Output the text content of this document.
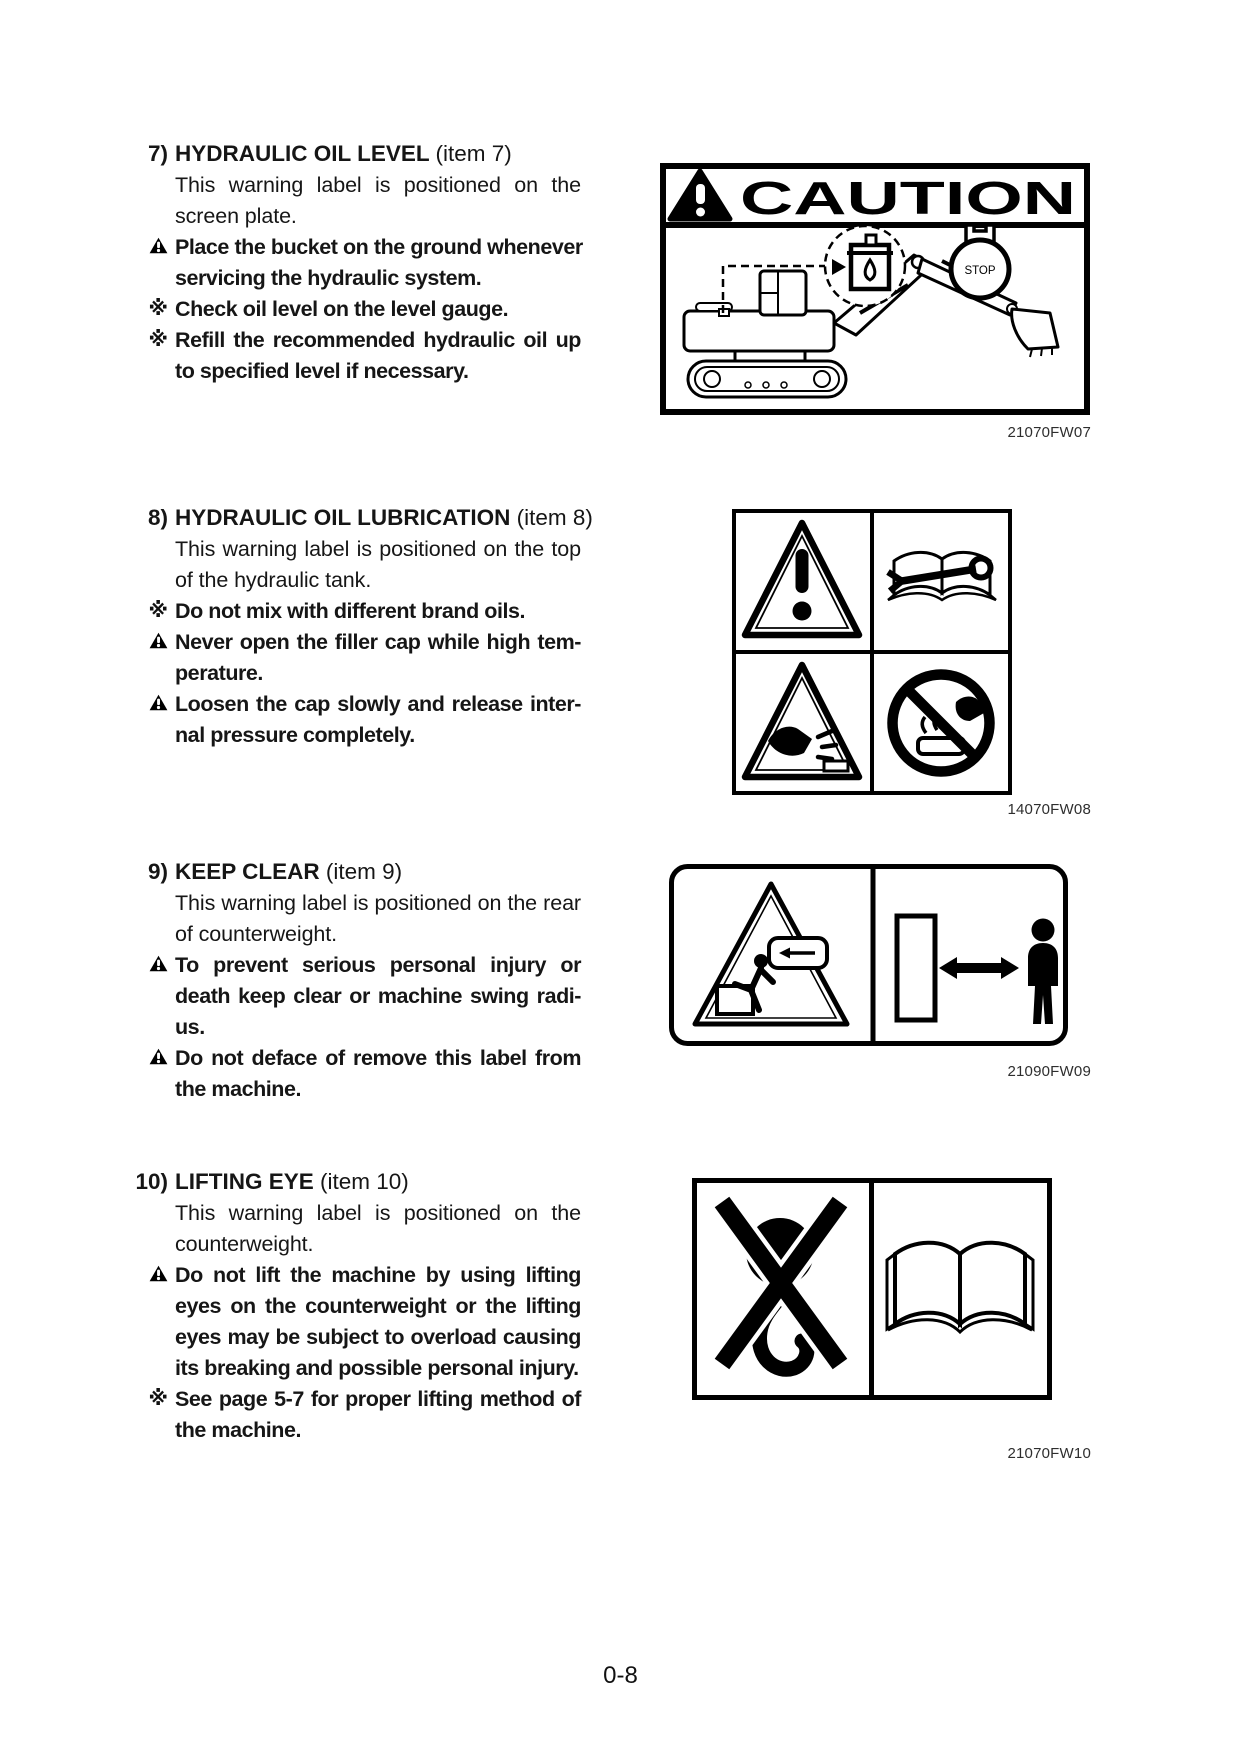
7) HYDRAULIC OIL LEVEL (item 7)
This warning label is positioned on the
screen plate.
Place the bucket on the ground whenever
servicing the hydraulic system.
※ Check oil level on the level gauge.
※ Refill the recommended hydraulic oil up
to specified level if necessary.
CAUTION
STOP
21070FW07
8) HYDRAULIC OIL LUBRICATION (item 8)
This warning label is positioned on the top
of the hydraulic tank.
※ Do not mix with different brand oils.
Never open the filler cap while high tem-
perature.
Loosen the cap slowly and release inter-
nal pressure completely.
14070FW08
9) KEEP CLEAR (item 9)
This warning label is positioned on the rear
of counterweight.
To prevent serious personal injury or
death keep clear or machine swing radi-
us.
Do not deface of remove this label from
the machine.
21090FW09
10) LIFTING EYE (item 10)
This warning label is positioned on the
counterweight.
Do not lift the machine by using lifting
eyes on the counterweight or the lifting
eyes may be subject to overload causing
its breaking and possible personal injury.
※ See page 5-7 for proper lifting method of
the machine.
21070FW10
0-8
